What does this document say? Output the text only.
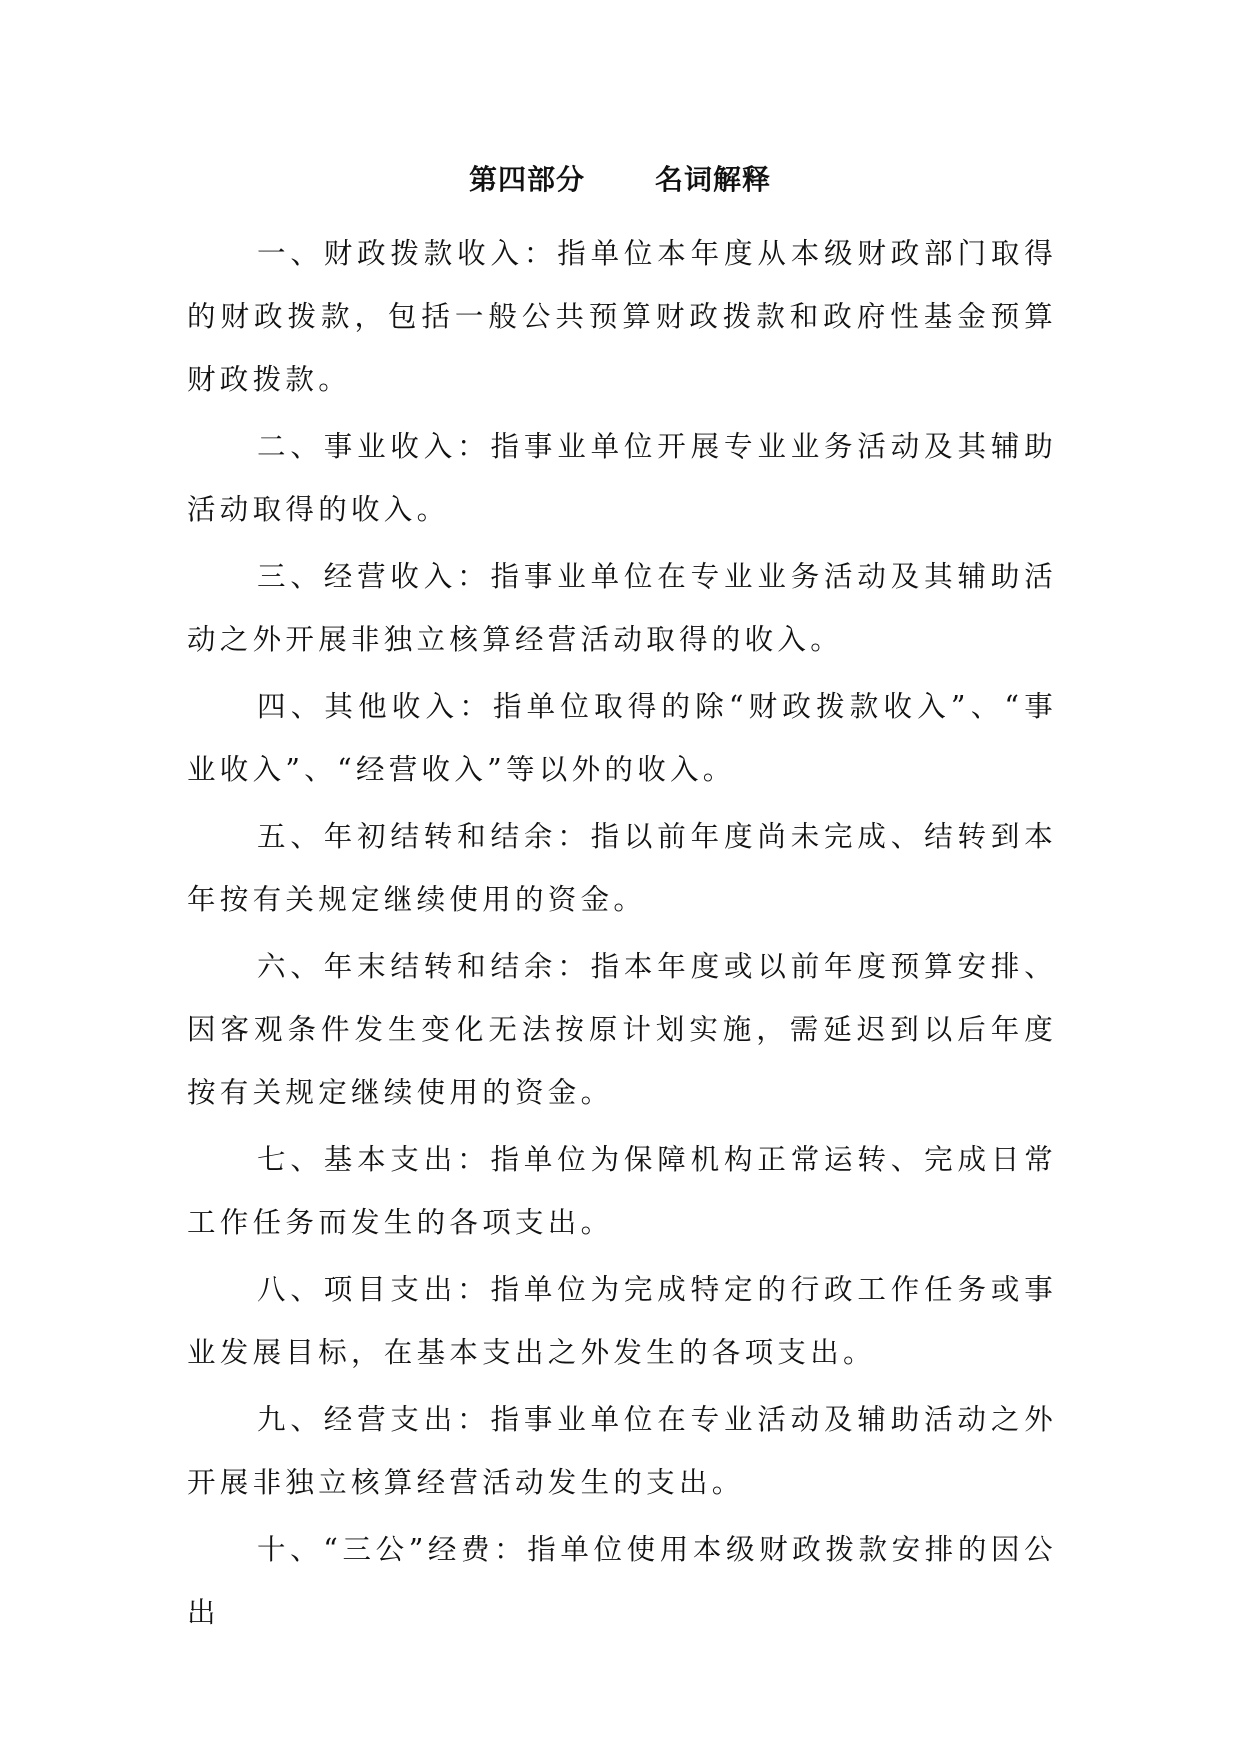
第四部分	名词解释

一、财政拨款收入：指单位本年度从本级财政部门取得的财政拨款，包括一般公共预算财政拨款和政府性基金预算财政拨款。

二、事业收入：指事业单位开展专业业务活动及其辅助活动取得的收入。

三、经营收入：指事业单位在专业业务活动及其辅助活动之外开展非独立核算经营活动取得的收入。

四、其他收入：指单位取得的除“财政拨款收入”、“事业收入”、“经营收入”等以外的收入。

五、年初结转和结余：指以前年度尚未完成、结转到本年按有关规定继续使用的资金。

六、年末结转和结余：指本年度或以前年度预算安排、因客观条件发生变化无法按原计划实施，需延迟到以后年度按有关规定继续使用的资金。

七、基本支出：指单位为保障机构正常运转、完成日常工作任务而发生的各项支出。

八、项目支出：指单位为完成特定的行政工作任务或事业发展目标，在基本支出之外发生的各项支出。

九、经营支出：指事业单位在专业活动及辅助活动之外开展非独立核算经营活动发生的支出。

十、“三公”经费：指单位使用本级财政拨款安排的因公出
